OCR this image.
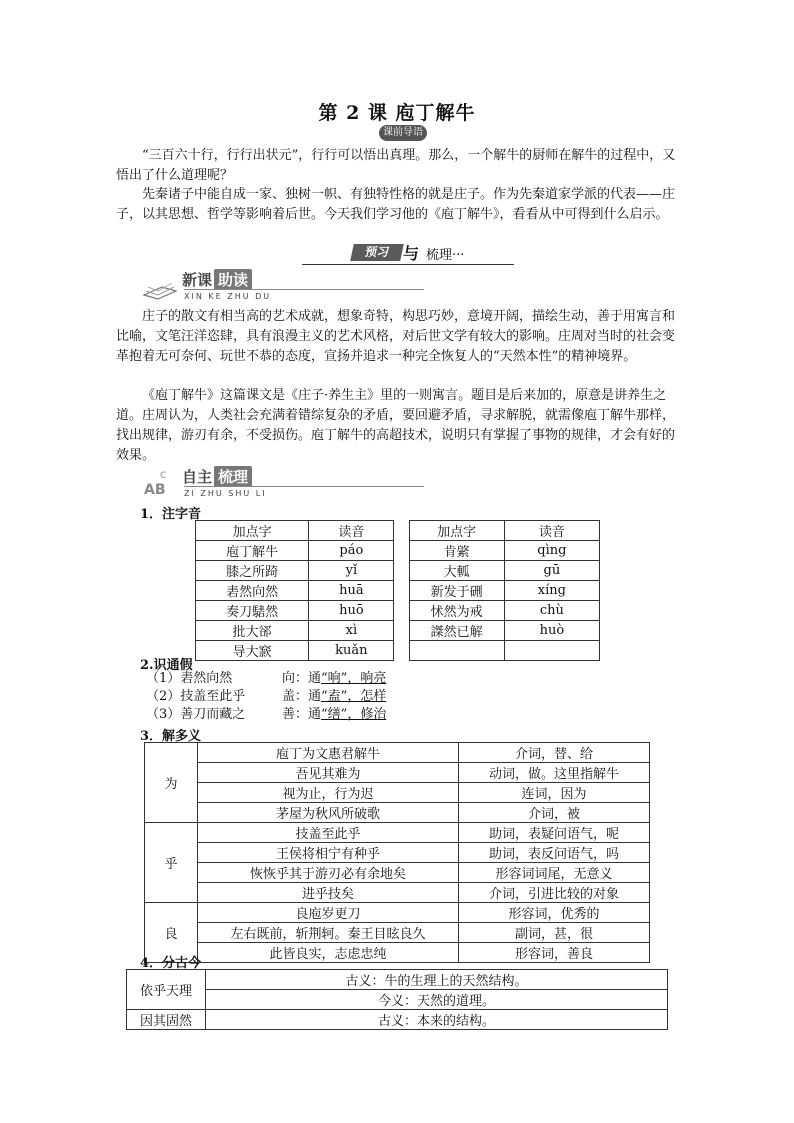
第 2 课 庖丁解牛
课前导语

“三百六十行，行行出状元”，行行可以悟出真理。那么，一个解牛的厨师在解牛的过程中，又悟出了什么道理呢？

先秦诸子中能自成一家、独树一帜、有独特性格的就是庄子。作为先秦道家学派的代表——庄子，以其思想、哲学等影响着后世。今天我们学习他的《庖丁解牛》，看看从中可得到什么启示。

预习 与 梳理···
新课 助读
XIN KE ZHU DU

庄子的散文有相当高的艺术成就，想象奇特，构思巧妙，意境开阔，描绘生动，善于用寓言和比喻，文笔汪洋恣肆，具有浪漫主义的艺术风格，对后世文学有较大的影响。庄周对当时的社会变革抱着无可奈何、玩世不恭的态度，宣扬并追求一种完全恢复人的“天然本性”的精神境界。

《庖丁解牛》这篇课文是《庄子·养生主》里的一则寓言。题目是后来加的，原意是讲养生之道。庄周认为，人类社会充满着错综复杂的矛盾，要回避矛盾，寻求解脱，就需像庖丁解牛那样，找出规律，游刃有余，不受损伤。庖丁解牛的高超技术，说明只有掌握了事物的规律，才会有好的效果。

AB
C 自主 梳理
ZI ZHU SHU LI
1．注字音
加点字	读音		加点字	读音
庖丁解牛	páo		肯綮	qìng
膝之所踦	yǐ		大軱	gū
砉然向然	huā		新发于硎	xíng
奏刀騞然	huō		怵然为戒	chù
批大郤	xì		謋然已解	huò
导大窾	kuǎn			
2.识通假
（1）砉然向然	向：通“响”，响亮
（2）技盖至此乎	盖：通“盍”，怎样
（3）善刀而藏之	善：通“缮”，修治
3．解多义
为	庖丁为文惠君解牛	介词，替、给
	吾见其难为	动词，做。这里指解牛
	视为止，行为迟	连词，因为
	茅屋为秋风所破歌	介词，被
乎	技盖至此乎	助词，表疑问语气，呢
	王侯将相宁有种乎	助词，表反问语气，吗
	恢恢乎其于游刃必有余地矣	形容词词尾，无意义
	进乎技矣	介词，引进比较的对象
良	良庖岁更刀	形容词，优秀的
	左右既前，斩荆轲。秦王目眩良久	副词，甚，很
	此皆良实，志虑忠纯	形容词，善良
4．分古今
依乎天理	古义：牛的生理上的天然结构。
	今义：天然的道理。
因其固然	古义：本来的结构。
